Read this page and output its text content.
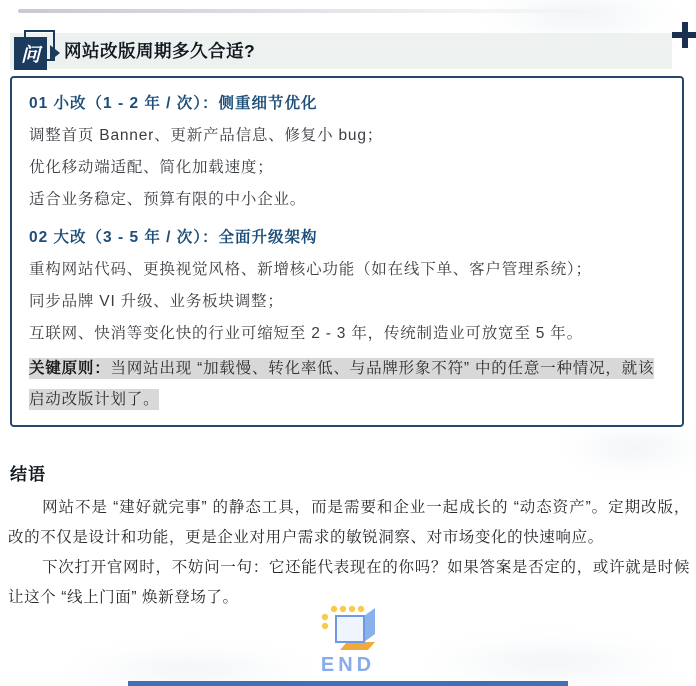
问	网站改版周期多久合适?
01 小改（1 - 2 年 / 次）：侧重细节优化
调整首页 Banner、更新产品信息、修复小 bug；
优化移动端适配、简化加载速度；
适合业务稳定、预算有限的中小企业。
02 大改（3 - 5 年 / 次）：全面升级架构
重构网站代码、更换视觉风格、新增核心功能（如在线下单、客户管理系统）；
同步品牌 VI 升级、业务板块调整；
互联网、快消等变化快的行业可缩短至 2 - 3 年，传统制造业可放宽至 5 年。
关键原则：当网站出现 “加载慢、转化率低、与品牌形象不符” 中的任意一种情况，就该启动改版计划了。
结语

网站不是 “建好就完事” 的静态工具，而是需要和企业一起成长的 “动态资产”。定期改版，改的不仅是设计和功能，更是企业对用户需求的敏锐洞察、对市场变化的快速响应。

下次打开官网时，不妨问一句：它还能代表现在的你吗？如果答案是否定的，或许就是时候让这个 “线上门面” 焕新登场了。

END
